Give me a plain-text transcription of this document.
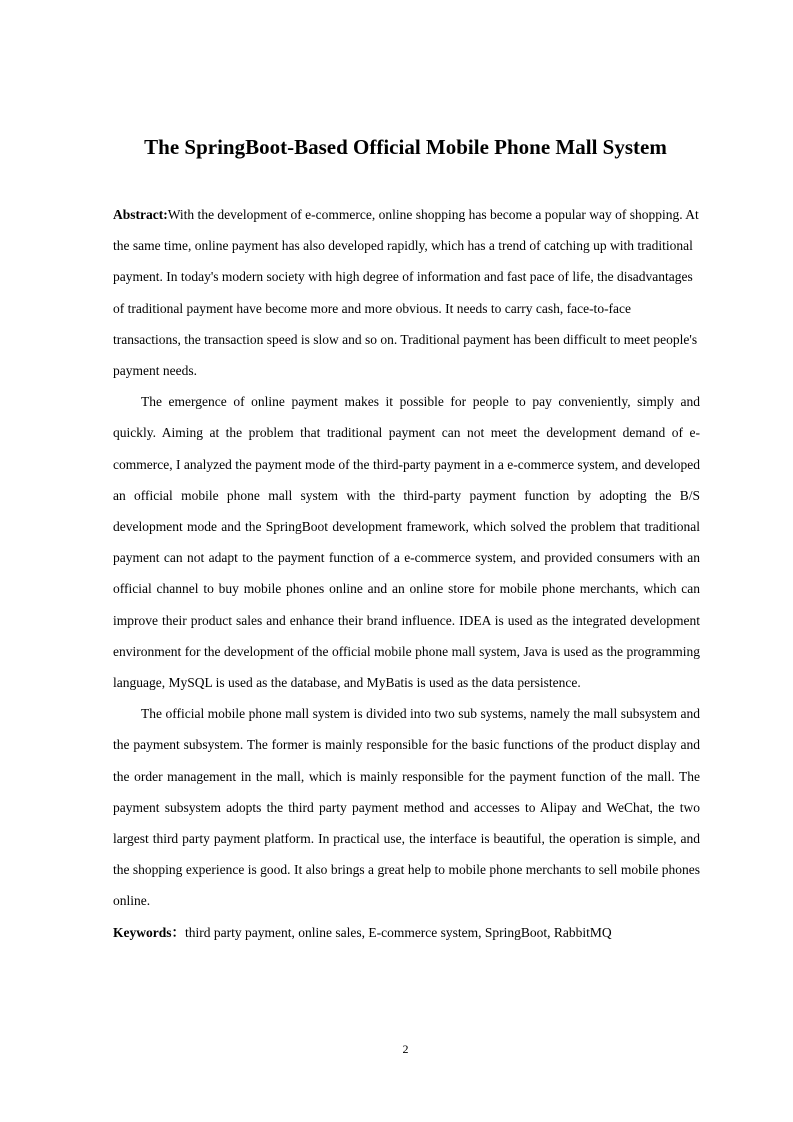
The SpringBoot-Based Official Mobile Phone Mall System

Abstract:With the development of e-commerce, online shopping has become a popular way of shopping. At the same time, online payment has also developed rapidly, which has a trend of catching up with traditional payment. In today's modern society with high degree of information and fast pace of life, the disadvantages of traditional payment have become more and more obvious. It needs to carry cash, face-to-face transactions, the transaction speed is slow and so on. Traditional payment has been difficult to meet people's payment needs.

The emergence of online payment makes it possible for people to pay conveniently, simply and quickly. Aiming at the problem that traditional payment can not meet the development demand of e-commerce, I analyzed the payment mode of the third-party payment in a e-commerce system, and developed an official mobile phone mall system with the third-party payment function by adopting the B/S development mode and the SpringBoot development framework, which solved the problem that traditional payment can not adapt to the payment function of a e-commerce system, and provided consumers with an official channel to buy mobile phones online and an online store for mobile phone merchants, which can improve their product sales and enhance their brand influence. IDEA is used as the integrated development environment for the development of the official mobile phone mall system, Java is used as the programming language, MySQL is used as the database, and MyBatis is used as the data persistence.

The official mobile phone mall system is divided into two sub systems, namely the mall subsystem and the payment subsystem. The former is mainly responsible for the basic functions of the product display and the order management in the mall, which is mainly responsible for the payment function of the mall. The payment subsystem adopts the third party payment method and accesses to Alipay and WeChat, the two largest third party payment platform. In practical use, the interface is beautiful, the operation is simple, and the shopping experience is good. It also brings a great help to mobile phone merchants to sell mobile phones online.

Keywords：third party payment, online sales, E-commerce system, SpringBoot, RabbitMQ

2
